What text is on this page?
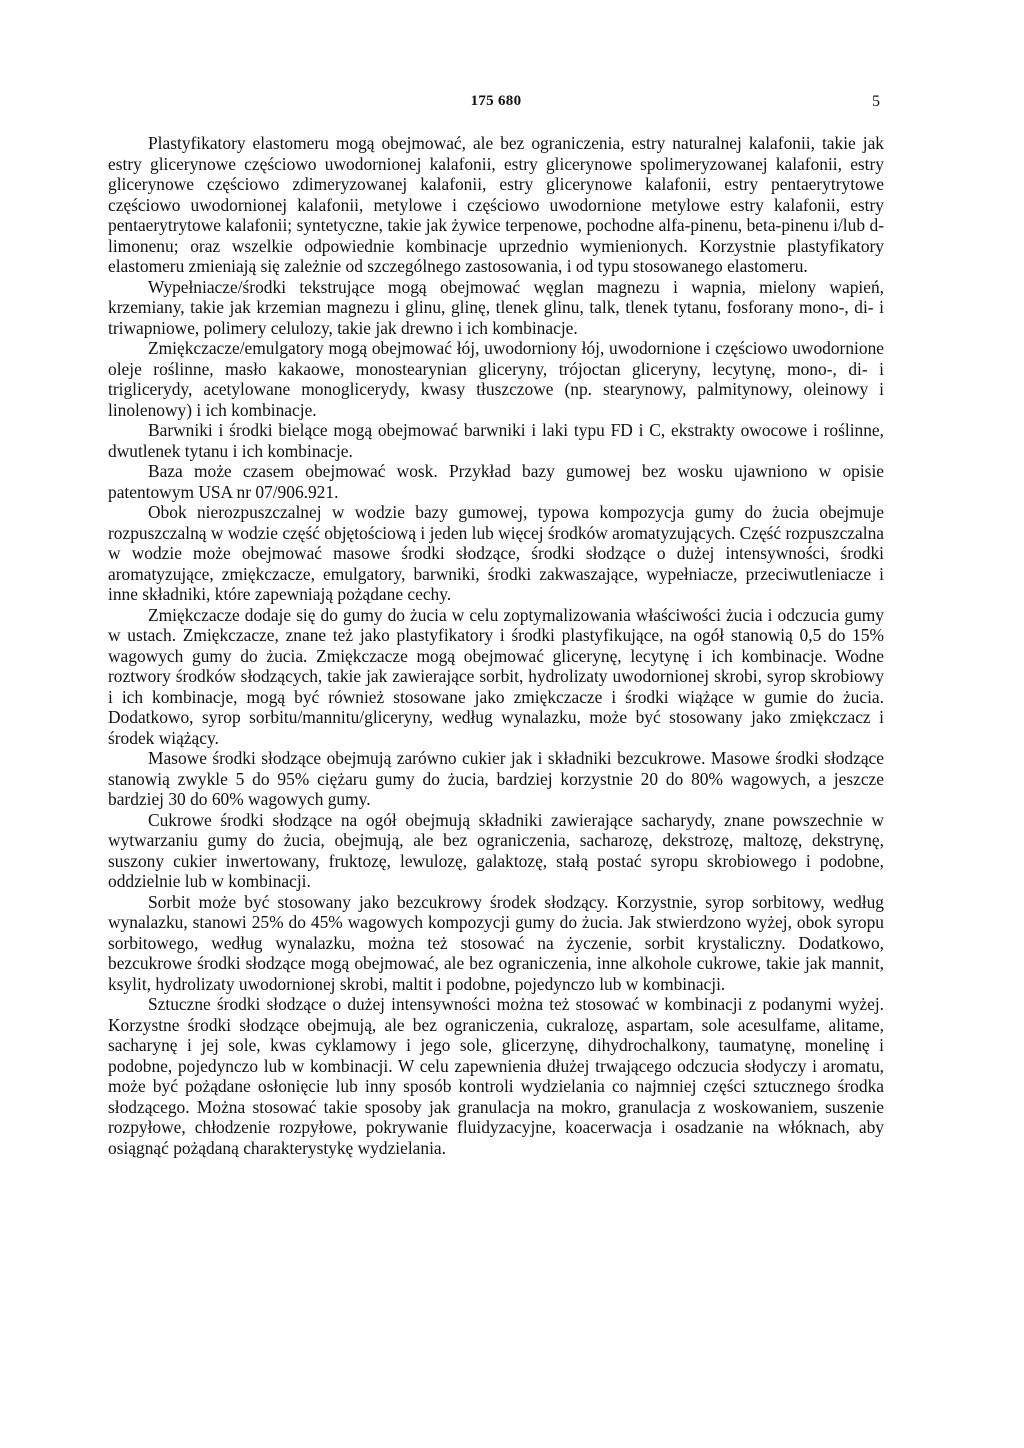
175 680	5

Plastyfikatory elastomeru mogą obejmować, ale bez ograniczenia, estry naturalnej kalafonii, takie jak estry glicerynowe częściowo uwodornionej kalafonii, estry glicerynowe spolimeryzowanej kalafonii, estry glicerynowe częściowo zdimeryzowanej kalafonii, estry glicerynowe kalafonii, estry pentaerytrytowe częściowo uwodornionej kalafonii, metylowe i częściowo uwodornione metylowe estry kalafonii, estry pentaerytrytowe kalafonii; syntetyczne, takie jak żywice terpenowe, pochodne alfa-pinenu, beta-pinenu i/lub d-limonenu; oraz wszelkie odpowiednie kombinacje uprzednio wymienionych. Korzystnie plastyfikatory elastomeru zmieniają się zależnie od szczególnego zastosowania, i od typu stosowanego elastomeru.

Wypełniacze/środki tekstrujące mogą obejmować węglan magnezu i wapnia, mielony wapień, krzemiany, takie jak krzemian magnezu i glinu, glinę, tlenek glinu, talk, tlenek tytanu, fosforany mono-, di- i triwapniowe, polimery celulozy, takie jak drewno i ich kombinacje.

Zmiękczacze/emulgatory mogą obejmować łój, uwodorniony łój, uwodornione i częściowo uwodornione oleje roślinne, masło kakaowe, monostearynian gliceryny, trójoctan gliceryny, lecytynę, mono-, di- i triglicerydy, acetylowane monoglicerydy, kwasy tłuszczowe (np. stearynowy, palmitynowy, oleinowy i linolenowy) i ich kombinacje.

Barwniki i środki bielące mogą obejmować barwniki i laki typu FD i C, ekstrakty owocowe i roślinne, dwutlenek tytanu i ich kombinacje.

Baza może czasem obejmować wosk. Przykład bazy gumowej bez wosku ujawniono w opisie patentowym USA nr 07/906.921.

Obok nierozpuszczalnej w wodzie bazy gumowej, typowa kompozycja gumy do żucia obejmuje rozpuszczalną w wodzie część objętościową i jeden lub więcej środków aromatyzujących. Część rozpuszczalna w wodzie może obejmować masowe środki słodzące, środki słodzące o dużej intensywności, środki aromatyzujące, zmiękczacze, emulgatory, barwniki, środki zakwaszające, wypełniacze, przeciwutleniacze i inne składniki, które zapewniają pożądane cechy.

Zmiękczacze dodaje się do gumy do żucia w celu zoptymalizowania właściwości żucia i odczucia gumy w ustach. Zmiękczacze, znane też jako plastyfikatory i środki plastyfikujące, na ogół stanowią 0,5 do 15% wagowych gumy do żucia. Zmiękczacze mogą obejmować glicerynę, lecytynę i ich kombinacje. Wodne roztwory środków słodzących, takie jak zawierające sorbit, hydrolizaty uwodornionej skrobi, syrop skrobiowy i ich kombinacje, mogą być również stosowane jako zmiękczacze i środki wiążące w gumie do żucia. Dodatkowo, syrop sorbitu/mannitu/gliceryny, według wynalazku, może być stosowany jako zmiękczacz i środek wiążący.

Masowe środki słodzące obejmują zarówno cukier jak i składniki bezcukrowe. Masowe środki słodzące stanowią zwykle 5 do 95% ciężaru gumy do żucia, bardziej korzystnie 20 do 80% wagowych, a jeszcze bardziej 30 do 60% wagowych gumy.

Cukrowe środki słodzące na ogół obejmują składniki zawierające sacharydy, znane powszechnie w wytwarzaniu gumy do żucia, obejmują, ale bez ograniczenia, sacharozę, dekstrozę, maltozę, dekstrynę, suszony cukier inwertowany, fruktozę, lewulozę, galaktozę, stałą postać syropu skrobiowego i podobne, oddzielnie lub w kombinacji.

Sorbit może być stosowany jako bezcukrowy środek słodzący. Korzystnie, syrop sorbitowy, według wynalazku, stanowi 25% do 45% wagowych kompozycji gumy do żucia. Jak stwierdzono wyżej, obok syropu sorbitowego, według wynalazku, można też stosować na życzenie, sorbit krystaliczny. Dodatkowo, bezcukrowe środki słodzące mogą obejmować, ale bez ograniczenia, inne alkohole cukrowe, takie jak mannit, ksylit, hydrolizaty uwodornionej skrobi, maltit i podobne, pojedynczo lub w kombinacji.

Sztuczne środki słodzące o dużej intensywności można też stosować w kombinacji z podanymi wyżej. Korzystne środki słodzące obejmują, ale bez ograniczenia, cukralozę, aspartam, sole acesulfame, alitame, sacharynę i jej sole, kwas cyklamowy i jego sole, glicerzynę, dihydrochalkony, taumatynę, monelinę i podobne, pojedynczo lub w kombinacji. W celu zapewnienia dłużej trwającego odczucia słodyczy i aromatu, może być pożądane osłonięcie lub inny sposób kontroli wydzielania co najmniej części sztucznego środka słodzącego. Można stosować takie sposoby jak granulacja na mokro, granulacja z woskowaniem, suszenie rozpyłowe, chłodzenie rozpyłowe, pokrywanie fluidyzacyjne, koacerwacja i osadzanie na włóknach, aby osiągnąć pożądaną charakterystykę wydzielania.
